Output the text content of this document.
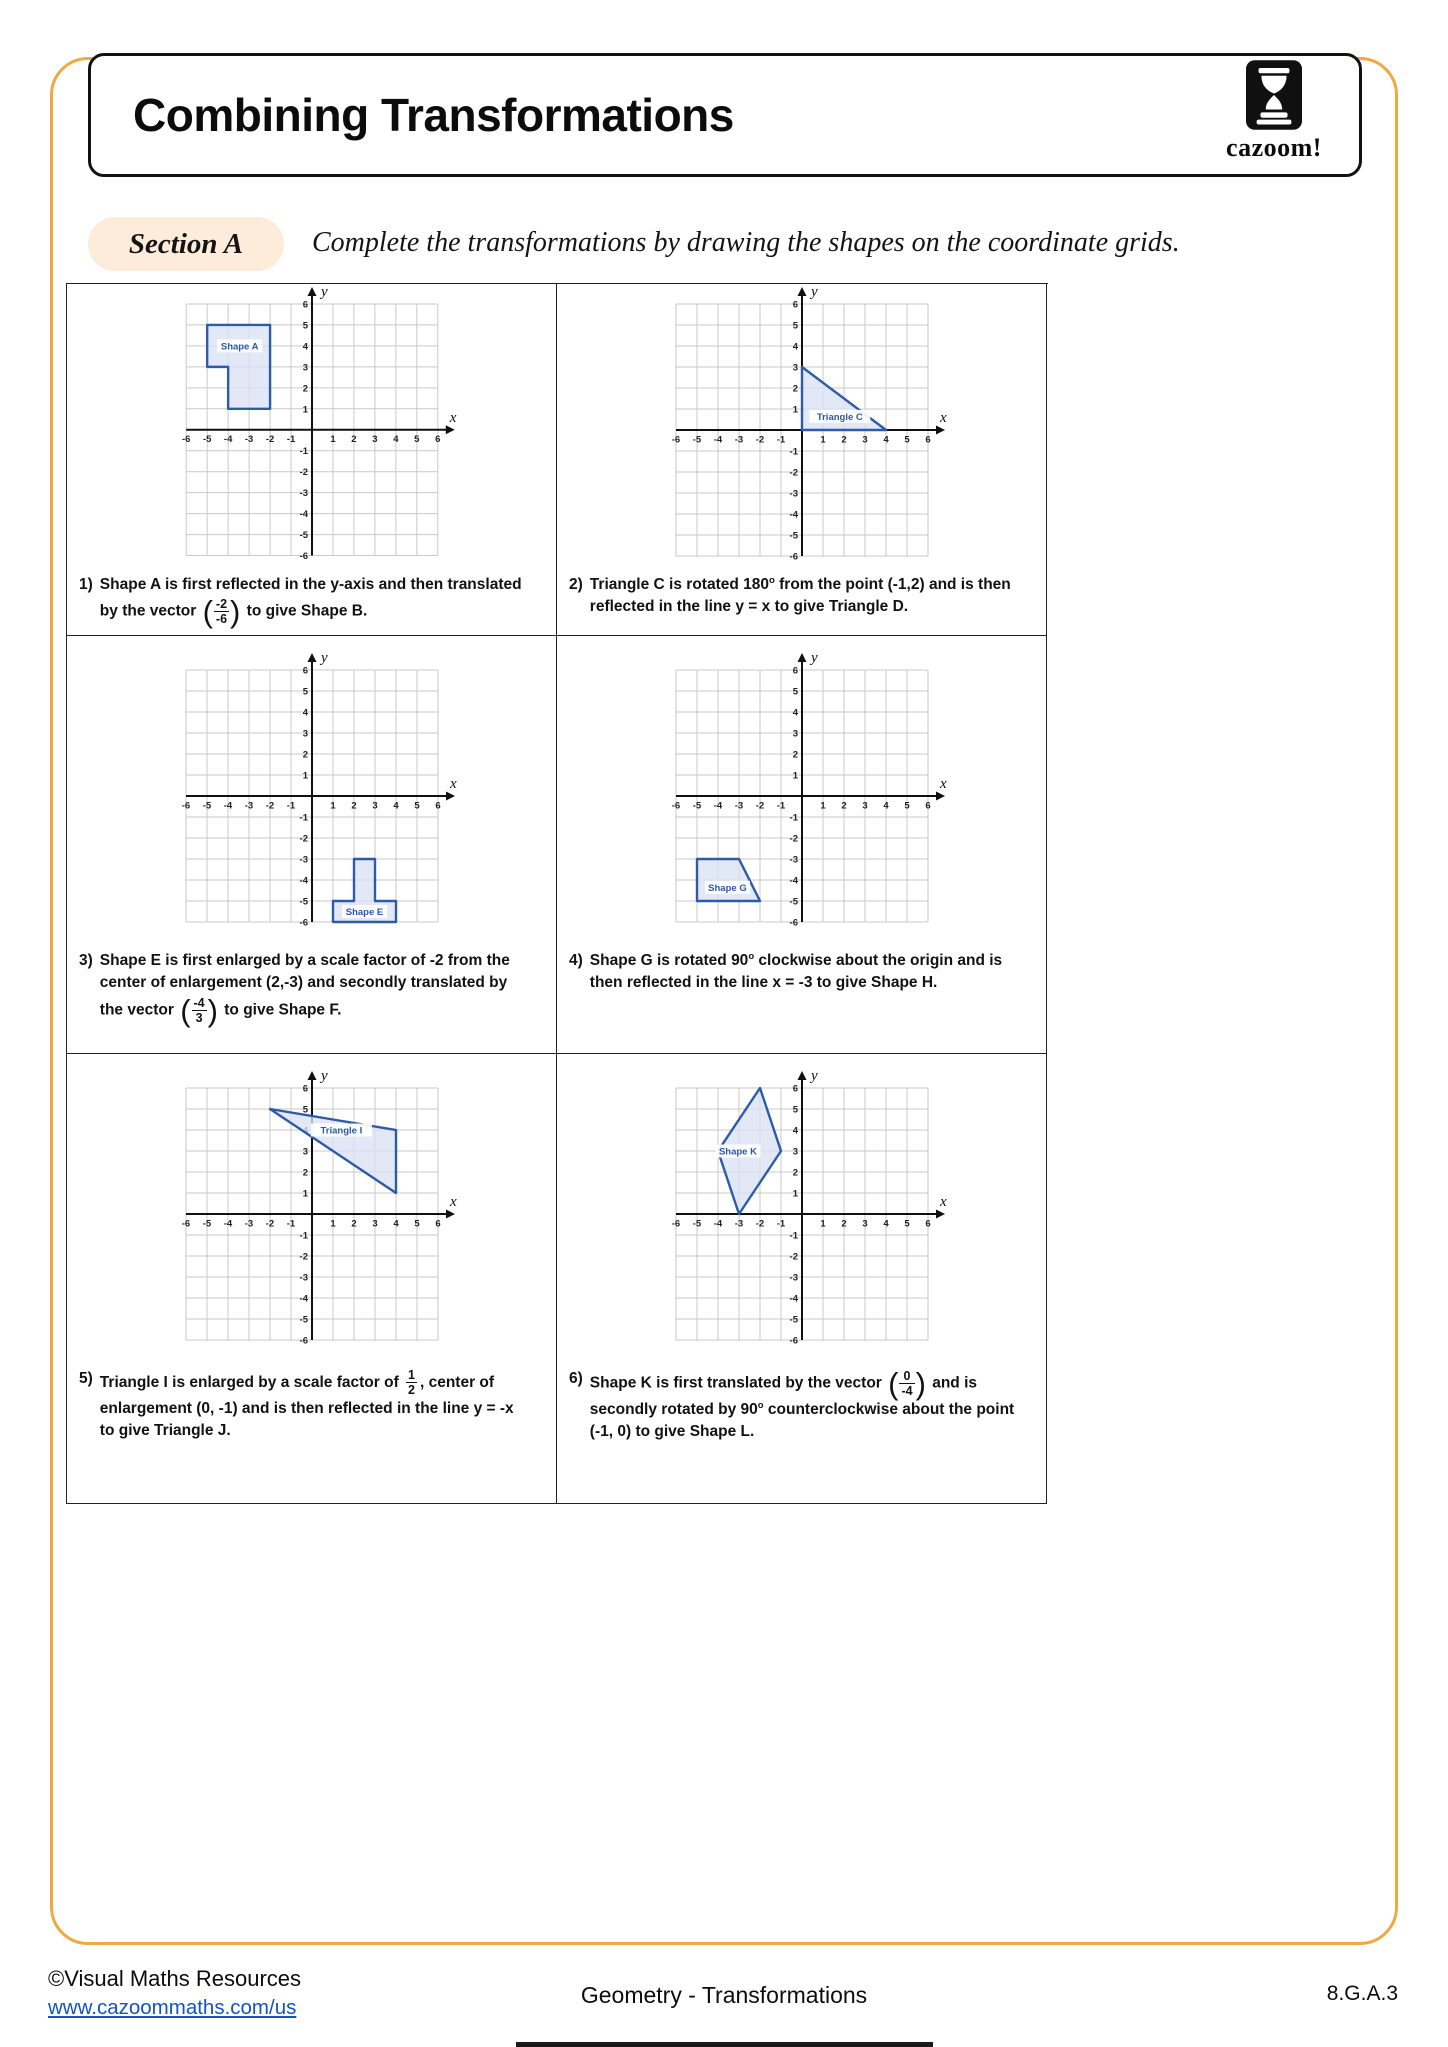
Combining Transformations
cazoom!
Section A	Complete the transformations by drawing the shapes on the coordinate grids.
x
y
-6 -5 -4 -3 -2 -1	1 2 3 4 5 6
-6
-5
-4
-3
-2
-1
1
2
3
4
5
6
Shape A
1) Shape A is first reflected in the y-axis and then translated by the vector ( -2
-6 ) to give Shape B.
x
y
-6 -5 -4 -3 -2 -1	1 2 3 4 5 6
-6
-5
-4
-3
-2
-1
1
2
3
4
5
6
Triangle C
2) Triangle C is rotated 180$^o$ from the point (-1,2) and is then reflected in the line y = x to give Triangle D.
x
y
-6 -5 -4 -3 -2 -1	1 2 3 4 5 6
-6
-5
-4
-3
-2
-1
1
2
3
4
5
6
Shape E
3) Shape E is first enlarged by a scale factor of -2 from the center of enlargement (2,-3) and secondly translated by the vector ( -4
3 ) to give Shape F.
x
y
-6 -5 -4 -3 -2 -1	1 2 3 4 5 6
-6
-5
-4
-3
-2
-1
1
2
3
4
5
6
Shape G
4) Shape G is rotated 90$^o$ clockwise about the origin and is then reflected in the line x = -3 to give Shape H.
x
y
-6 -5 -4 -3 -2 -1	1 2 3 4 5 6
-6
-5
-4
-3
-2
-1
1
2
3
5
6
Triangle I
5) Triangle I is enlarged by a scale factor of 1
2 , center of enlargement (0, -1) and is then reflected in the line y = -x to give Triangle J.
x
y
-6 -5 -4 -3 -2 -1	1 2 3 4 5 6
-6
-5
-4
-3
-2
-1
1
2
3
4
5
6
Shape K
6) Shape K is first translated by the vector ( 0
-4 ) and is secondly rotated by 90$^o$ counterclockwise about the point (-1, 0) to give Shape L.
©Visual Maths Resources
www.cazoommaths.com/us	Geometry - Transformations	8.G.A.3
